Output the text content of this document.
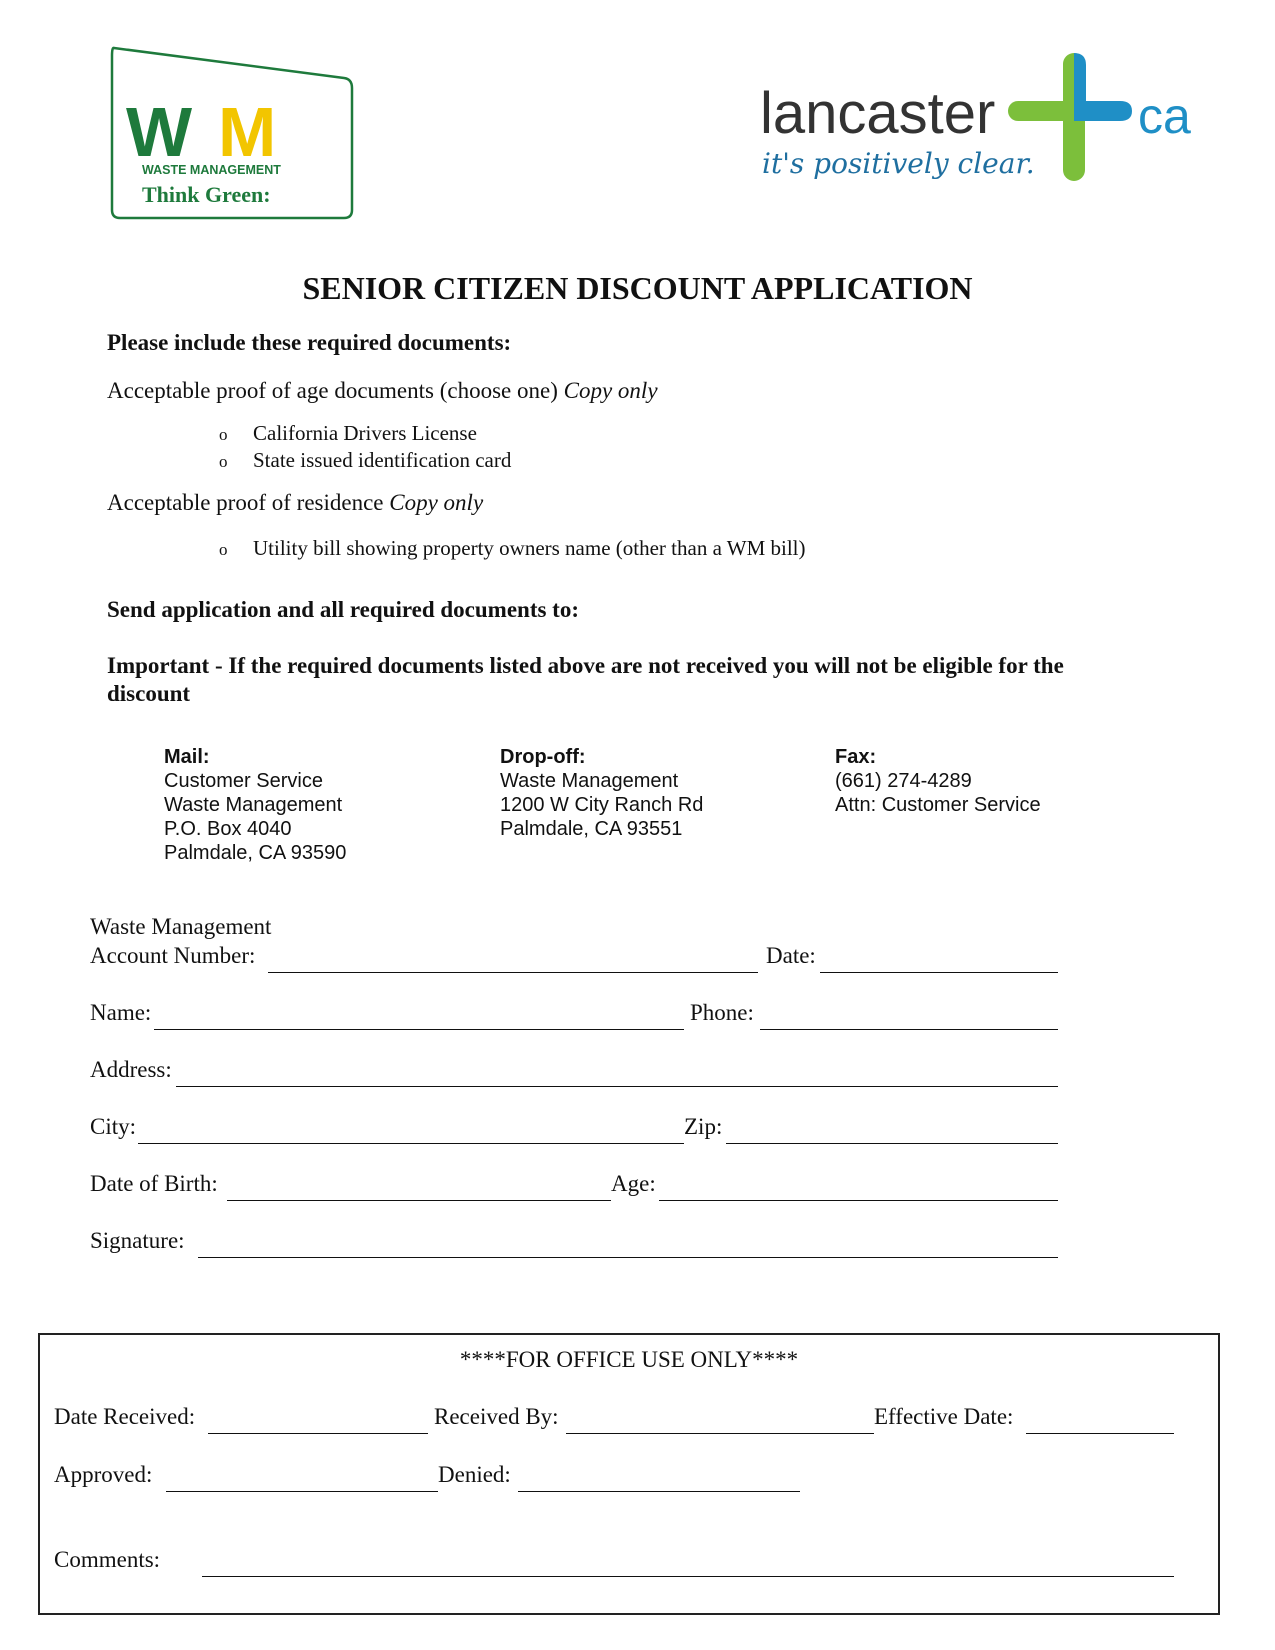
W M
WASTE MANAGEMENT
Think Green:
lancaster
it's positively clear.
ca
SENIOR CITIZEN DISCOUNT APPLICATION
Please include these required documents:
Acceptable proof of age documents (choose one) Copy only
o California Drivers License
o State issued identification card
Acceptable proof of residence Copy only
o Utility bill showing property owners name (other than a WM bill)
Send application and all required documents to:
Important - If the required documents listed above are not received you will not be eligible for the
discount
Mail:
Customer Service
Waste Management
P.O. Box 4040
Palmdale, CA 93590
Drop-off:
Waste Management
1200 W City Ranch Rd
Palmdale, CA 93551
Fax:
(661) 274-4289
Attn: Customer Service
Waste Management
Account Number:	Date:
Name:	Phone:
Address:
City:	Zip:
Date of Birth:	Age:
Signature:
****FOR OFFICE USE ONLY****
Date Received:	Received By:	Effective Date:
Approved:	Denied:
Comments:
